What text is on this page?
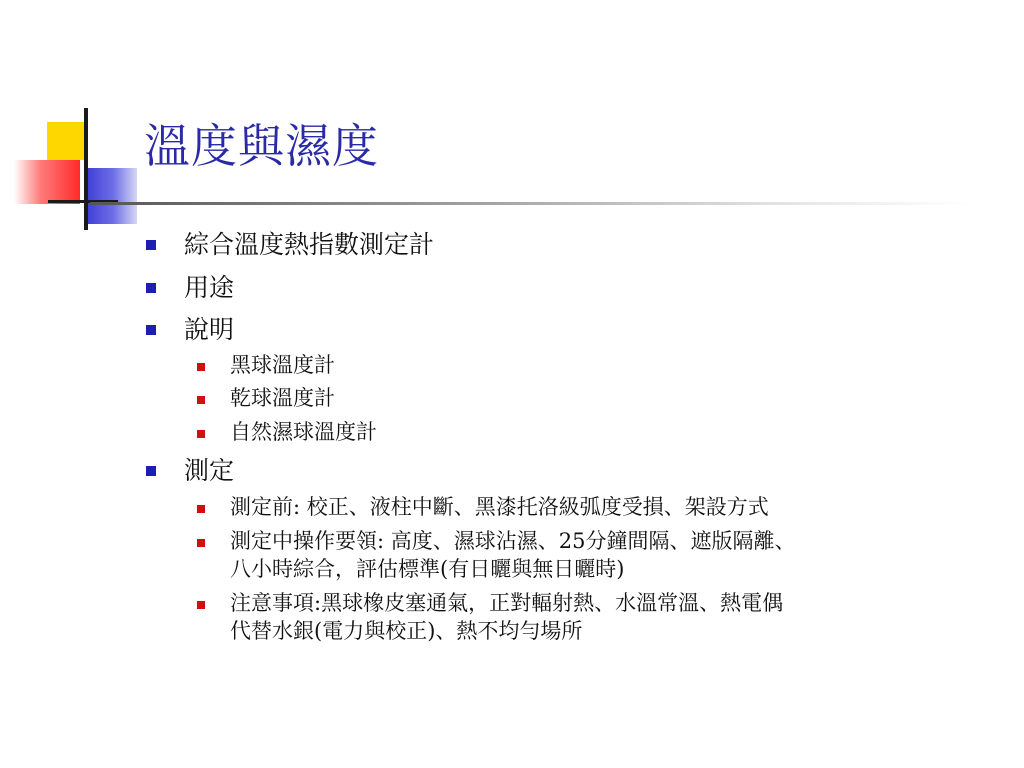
溫度與濕度
綜合溫度熱指數測定計
用途
說明
黑球溫度計
乾球溫度計
自然濕球溫度計
測定
測定前: 校正、液柱中斷、黑漆托洛級弧度受損、架設方式
測定中操作要領: 高度、濕球沾濕、25分鐘間隔、遮版隔離、
八小時綜合，評估標準(有日曬與無日曬時)
注意事項:黑球橡皮塞通氣，正對輻射熱、水溫常溫、熱電偶
代替水銀(電力與校正)、熱不均勻場所
